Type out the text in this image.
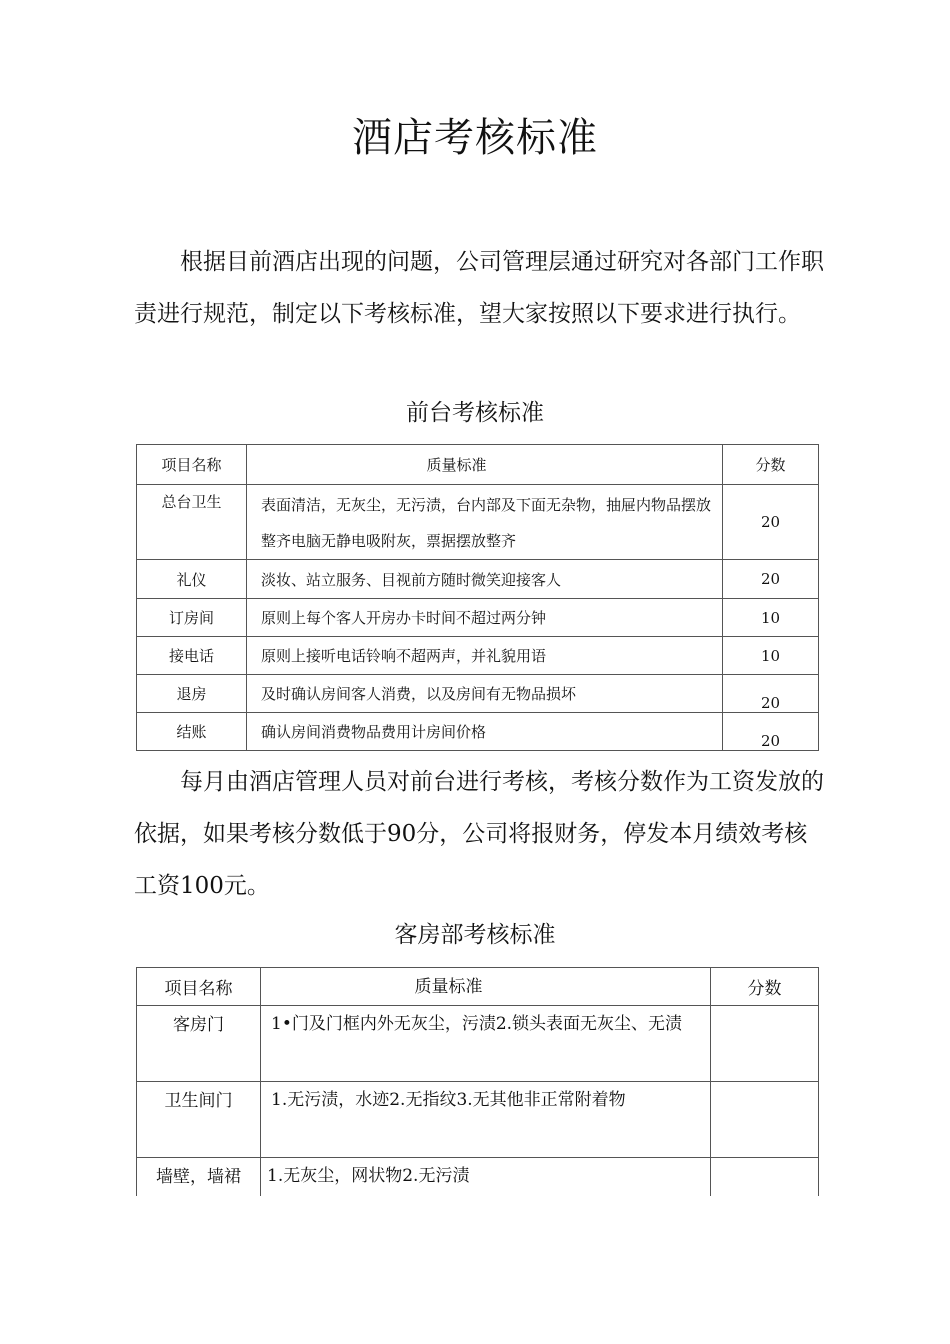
酒店考核标准

根据目前酒店出现的问题，公司管理层通过研究对各部门工作职责进行规范，制定以下考核标准，望大家按照以下要求进行执行。

前台考核标准
项目名称	质量标准	分数

总台卫生	表面清洁，无灰尘，无污渍，台内部及下面无杂物，抽屉内物品摆放整齐电脑无静电吸附灰，票据摆放整齐	20
礼仪	淡妆、站立服务、目视前方随时微笑迎接客人	20
订房间	原则上每个客人开房办卡时间不超过两分钟	10
接电话	原则上接听电话铃响不超两声，并礼貌用语	10
退房	及时确认房间客人消费，以及房间有无物品损坏	20
结账	确认房间消费物品费用计房间价格	20

每月由酒店管理人员对前台进行考核，考核分数作为工资发放的依据，如果考核分数低于90分，公司将报财务，停发本月绩效考核工资100元。

客房部考核标准
项目名称	质量标准	分数
客房门	1•门及门框内外无灰尘，污渍2.锁头表面无灰尘、无渍	

卫生间门	1.无污渍，水迹2.无指纹3.无其他非正常附着物	

墙壁，墙裙	1.无灰尘，网状物2.无污渍	
